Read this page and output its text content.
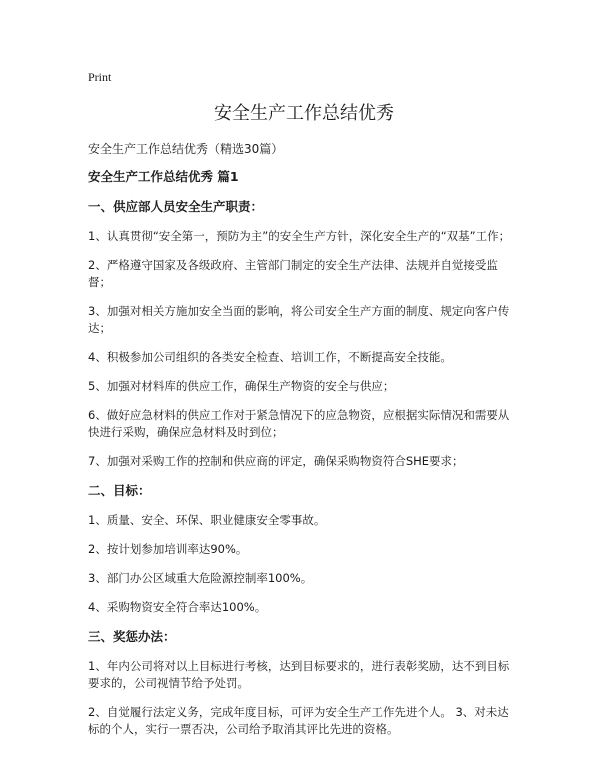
Print
安全生产工作总结优秀
安全生产工作总结优秀（精选30篇）
安全生产工作总结优秀 篇1
一、供应部人员安全生产职责：
1、认真贯彻“安全第一，预防为主”的安全生产方针，深化安全生产的“双基”工作；
2、严格遵守国家及各级政府、主管部门制定的安全生产法律、法规并自觉接受监督；
3、加强对相关方施加安全当面的影响，将公司安全生产方面的制度、规定向客户传达；
4、积极参加公司组织的各类安全检查、培训工作，不断提高安全技能。
5、加强对材料库的供应工作，确保生产物资的安全与供应；
6、做好应急材料的供应工作对于紧急情况下的应急物资，应根据实际情况和需要从快进行采购，确保应急材料及时到位；
7、加强对采购工作的控制和供应商的评定，确保采购物资符合SHE要求；
二、目标：
1、质量、安全、环保、职业健康安全零事故。
2、按计划参加培训率达90%。
3、部门办公区域重大危险源控制率100%。
4、采购物资安全符合率达100%。
三、奖惩办法：
1、年内公司将对以上目标进行考核，达到目标要求的，进行表彰奖励，达不到目标要求的，公司视情节给予处罚。
2、自觉履行法定义务，完成年度目标，可评为安全生产工作先进个人。 3、对未达标的个人，实行一票否决，公司给予取消其评比先进的资格。
